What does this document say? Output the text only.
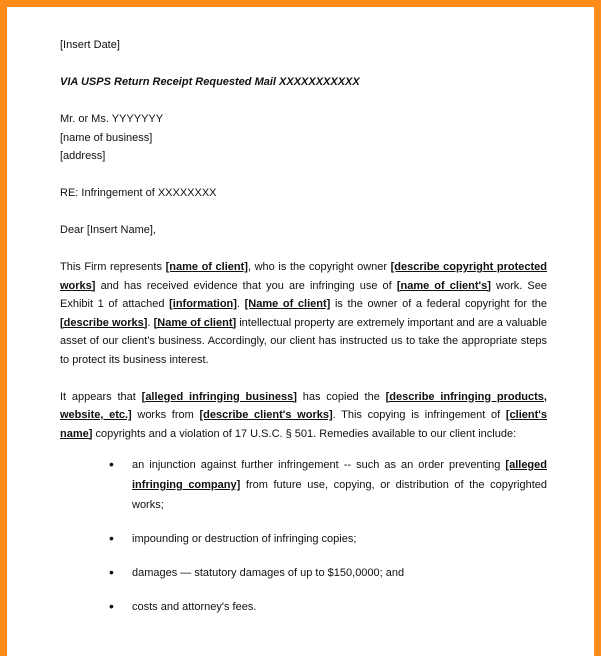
[Insert Date]

VIA USPS Return Receipt Requested Mail XXXXXXXXXXX

Mr. or Ms. YYYYYYY

[name of business]

[address]

RE: Infringement of XXXXXXXX

Dear [Insert Name],

This Firm represents [name of client], who is the copyright owner [describe copyright protected works] and has received evidence that you are infringing use of [name of client's] work. See Exhibit 1 of attached [information]. [Name of client] is the owner of a federal copyright for the [describe works]. [Name of client] intellectual property are extremely important and are a valuable asset of our client's business. Accordingly, our client has instructed us to take the appropriate steps to protect its business interest.

It appears that [alleged infringing business] has copied the [describe infringing products, website, etc.] works from [describe client's works]. This copying is infringement of [client's name] copyrights and a violation of 17 U.S.C. § 501. Remedies available to our client include:

• an injunction against further infringement -- such as an order preventing [alleged infringing company] from future use, copying, or distribution of the copyrighted works;
• impounding or destruction of infringing copies;
• damages — statutory damages of up to $150,0000; and
• costs and attorney's fees.
